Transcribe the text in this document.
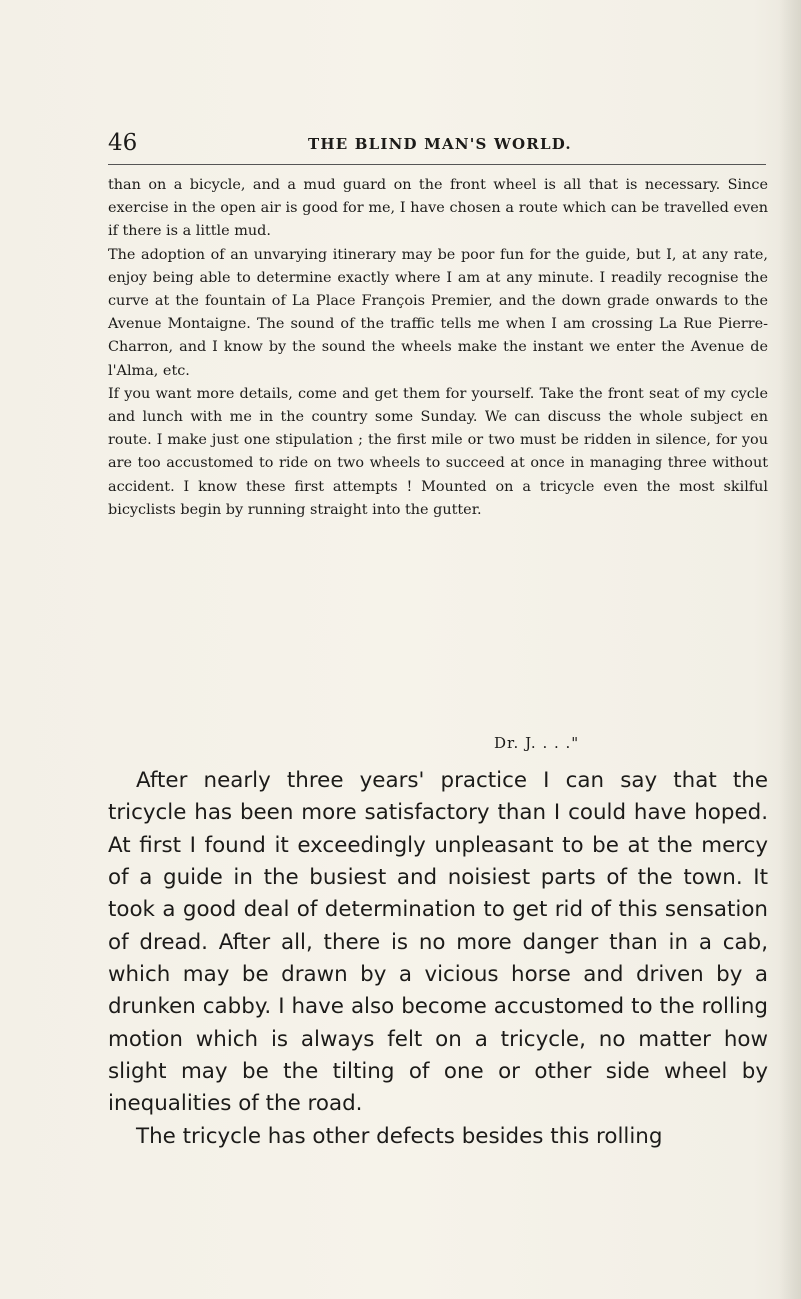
46	THE BLIND MAN'S WORLD.

than on a bicycle, and a mud guard on the front wheel is all that is necessary. Since exercise in the open air is good for me, I have chosen a route which can be travelled even if there is a little mud.

The adoption of an unvarying itinerary may be poor fun for the guide, but I, at any rate, enjoy being able to determine exactly where I am at any minute. I readily recognise the curve at the fountain of La Place François Premier, and the down grade onwards to the Avenue Montaigne. The sound of the traffic tells me when I am crossing La Rue Pierre-Charron, and I know by the sound the wheels make the instant we enter the Avenue de l'Alma, etc.

If you want more details, come and get them for yourself. Take the front seat of my cycle and lunch with me in the country some Sunday. We can discuss the whole subject en route. I make just one stipulation ; the first mile or two must be ridden in silence, for you are too accustomed to ride on two wheels to succeed at once in managing three without accident. I know these first attempts ! Mounted on a tricycle even the most skilful bicyclists begin by running straight into the gutter.

Dr. J. . . ."

After nearly three years' practice I can say that the tricycle has been more satisfactory than I could have hoped. At first I found it exceedingly unpleasant to be at the mercy of a guide in the busiest and noisiest parts of the town. It took a good deal of determination to get rid of this sensation of dread. After all, there is no more danger than in a cab, which may be drawn by a vicious horse and driven by a drunken cabby. I have also become accustomed to the rolling motion which is always felt on a tricycle, no matter how slight may be the tilting of one or other side wheel by inequalities of the road.

The tricycle has other defects besides this rolling
